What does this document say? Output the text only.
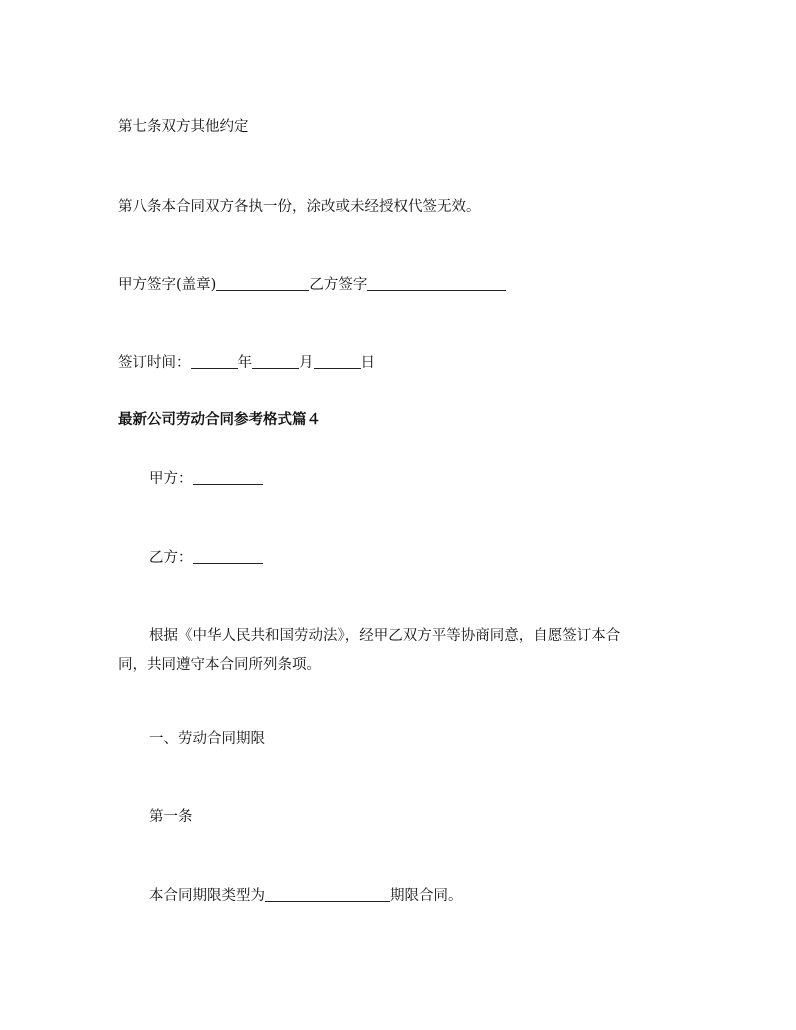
第七条双方其他约定
第八条本合同双方各执一份，涂改或未经授权代签无效。
甲方签字(盖章)	乙方签字
签订时间：	年	月	日
最新公司劳动合同参考格式篇４
甲方：
乙方：
根据《中华人民共和国劳动法》，经甲乙双方平等协商同意，自愿签订本合
同，共同遵守本合同所列条项。
一、劳动合同期限
第一条
本合同期限类型为	期限合同。
